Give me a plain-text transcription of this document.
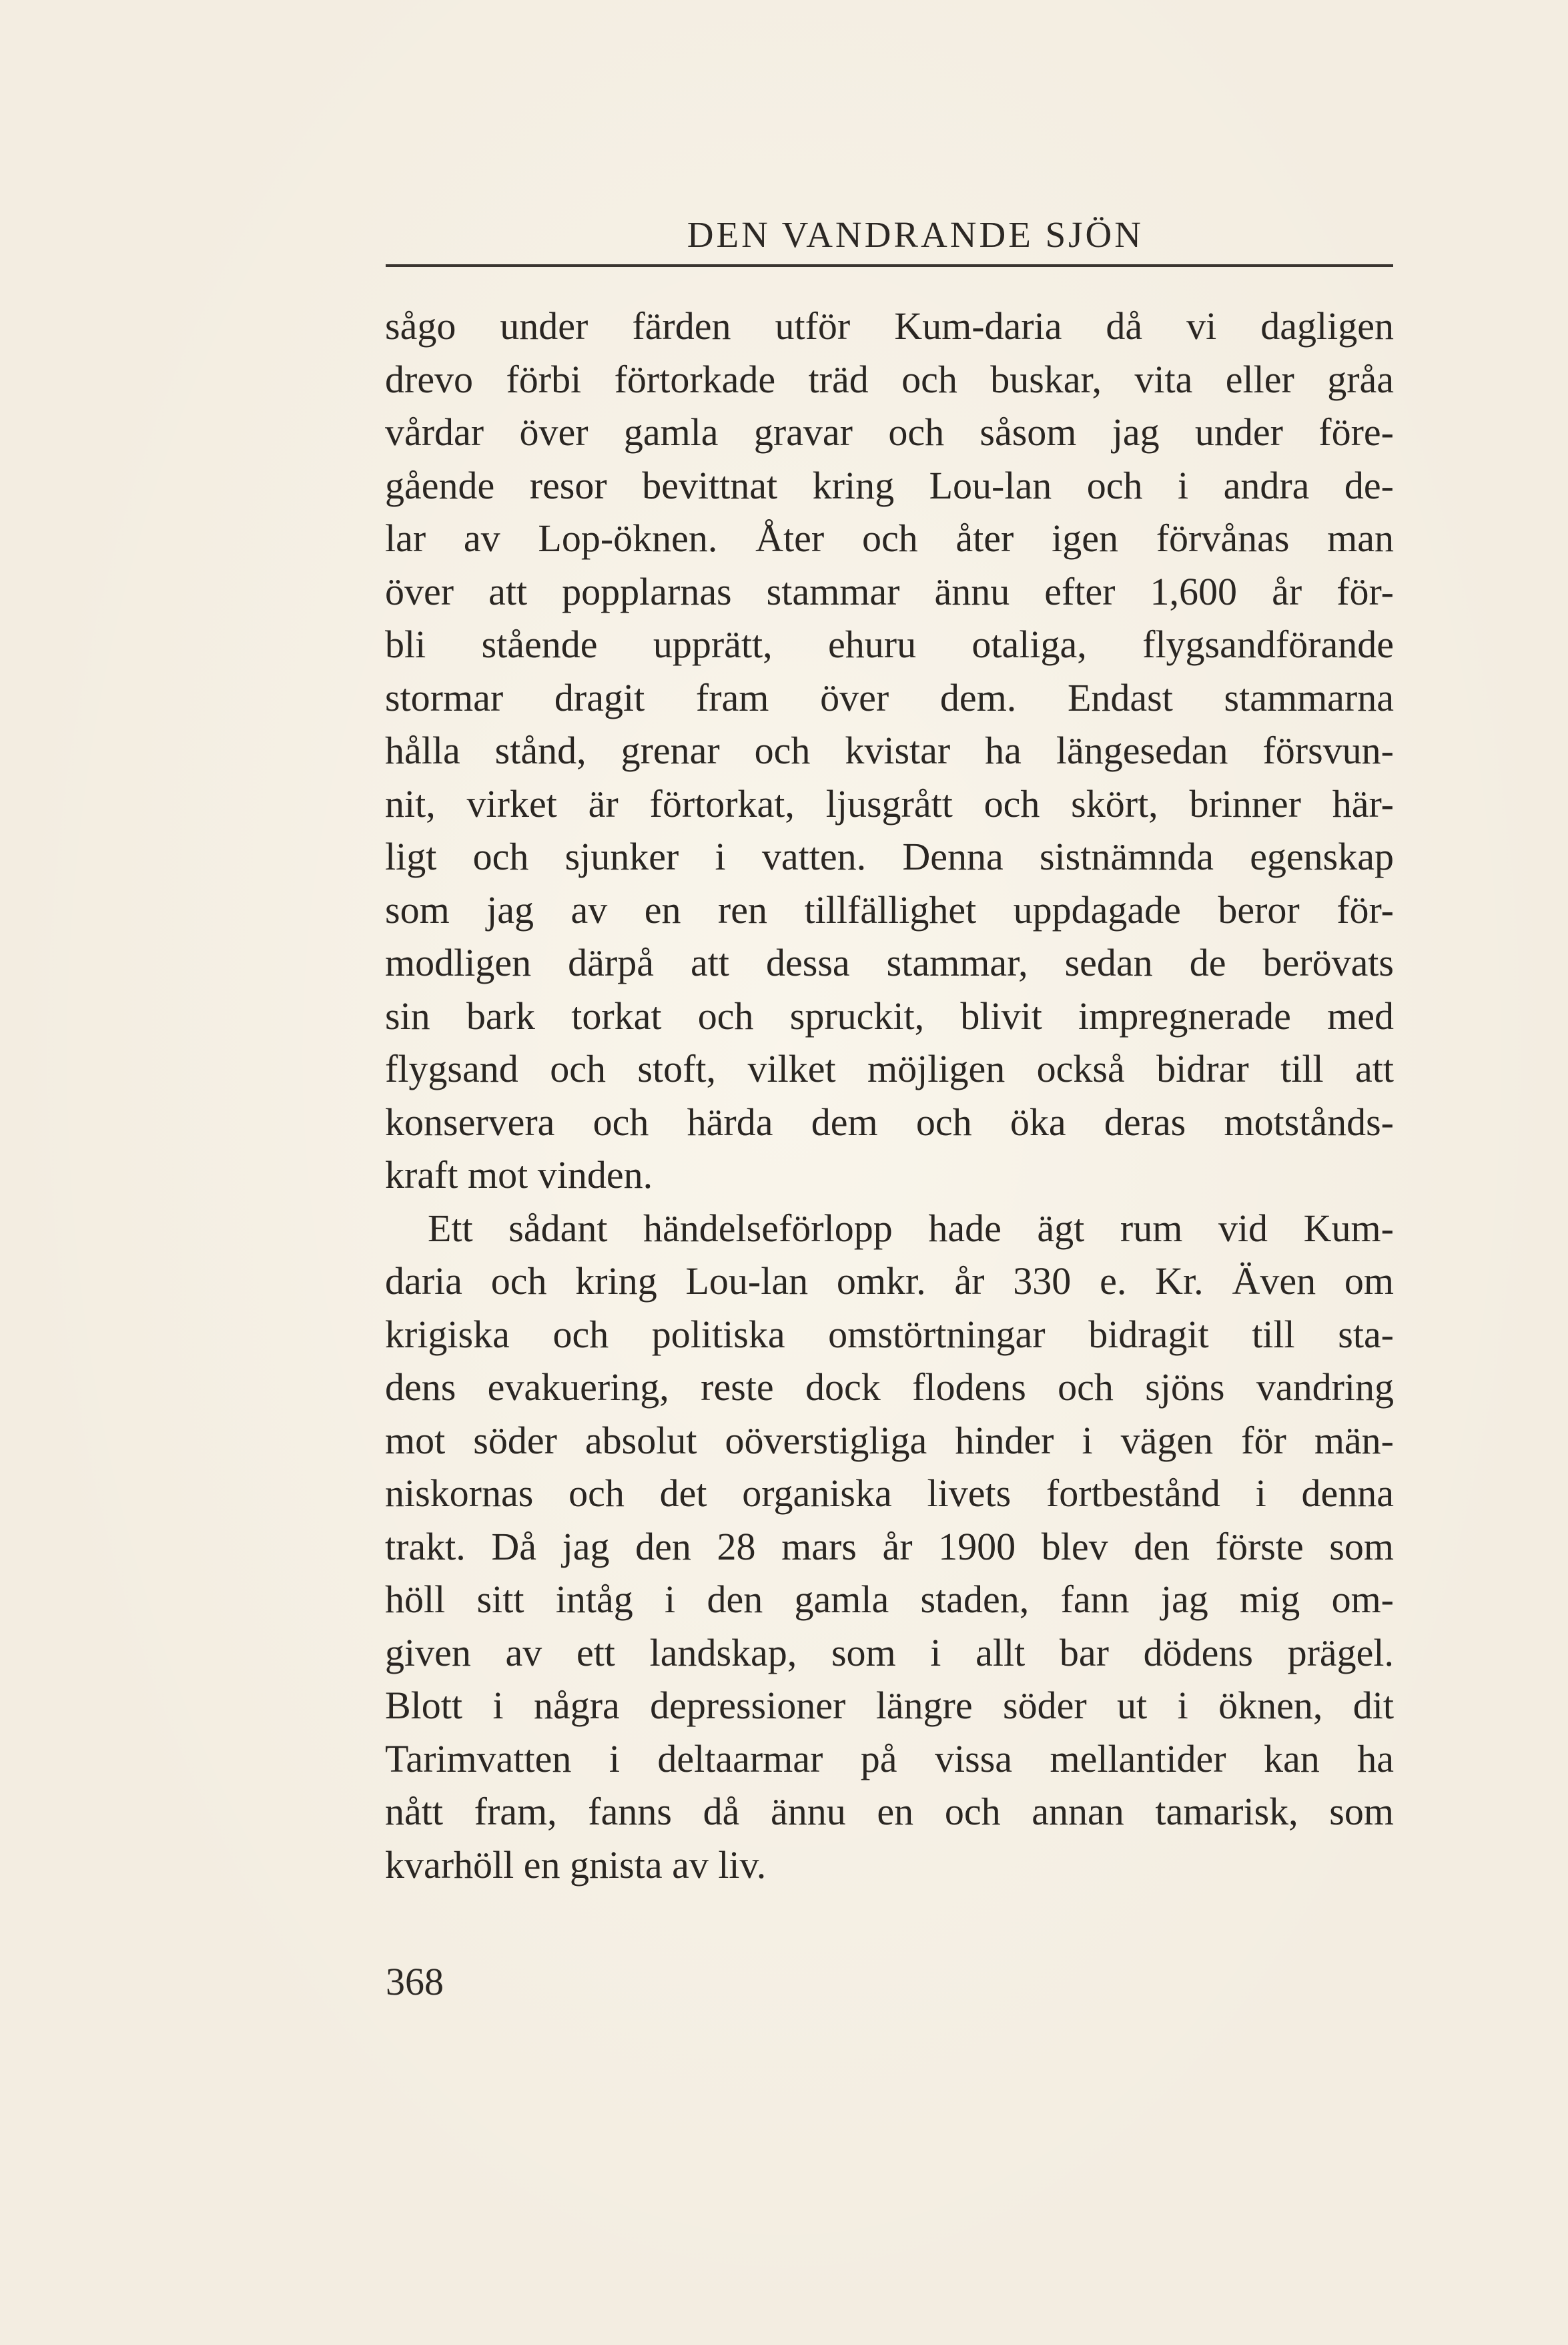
DEN VANDRANDE SJÖN
sågo under färden utför Kum-daria då vi dagligen
drevo förbi förtorkade träd och buskar, vita eller gråa
vårdar över gamla gravar och såsom jag under före-
gående resor bevittnat kring Lou-lan och i andra de-
lar av Lop-öknen. Åter och åter igen förvånas man
över att popplarnas stammar ännu efter 1,600 år för-
bli stående upprätt, ehuru otaliga, flygsandförande
stormar dragit fram över dem. Endast stammarna
hålla stånd, grenar och kvistar ha längesedan försvun-
nit, virket är förtorkat, ljusgrått och skört, brinner här-
ligt och sjunker i vatten. Denna sistnämnda egenskap
som jag av en ren tillfällighet uppdagade beror för-
modligen därpå att dessa stammar, sedan de berövats
sin bark torkat och spruckit, blivit impregnerade med
flygsand och stoft, vilket möjligen också bidrar till att
konservera och härda dem och öka deras motstånds-
kraft mot vinden.
Ett sådant händelseförlopp hade ägt rum vid Kum-
daria och kring Lou-lan omkr. år 330 e. Kr. Även om
krigiska och politiska omstörtningar bidragit till sta-
dens evakuering, reste dock flodens och sjöns vandring
mot söder absolut oöverstigliga hinder i vägen för män-
niskornas och det organiska livets fortbestånd i denna
trakt. Då jag den 28 mars år 1900 blev den förste som
höll sitt intåg i den gamla staden, fann jag mig om-
given av ett landskap, som i allt bar dödens prägel.
Blott i några depressioner längre söder ut i öknen, dit
Tarimvatten i deltaarmar på vissa mellantider kan ha
nått fram, fanns då ännu en och annan tamarisk, som
kvarhöll en gnista av liv.
368
